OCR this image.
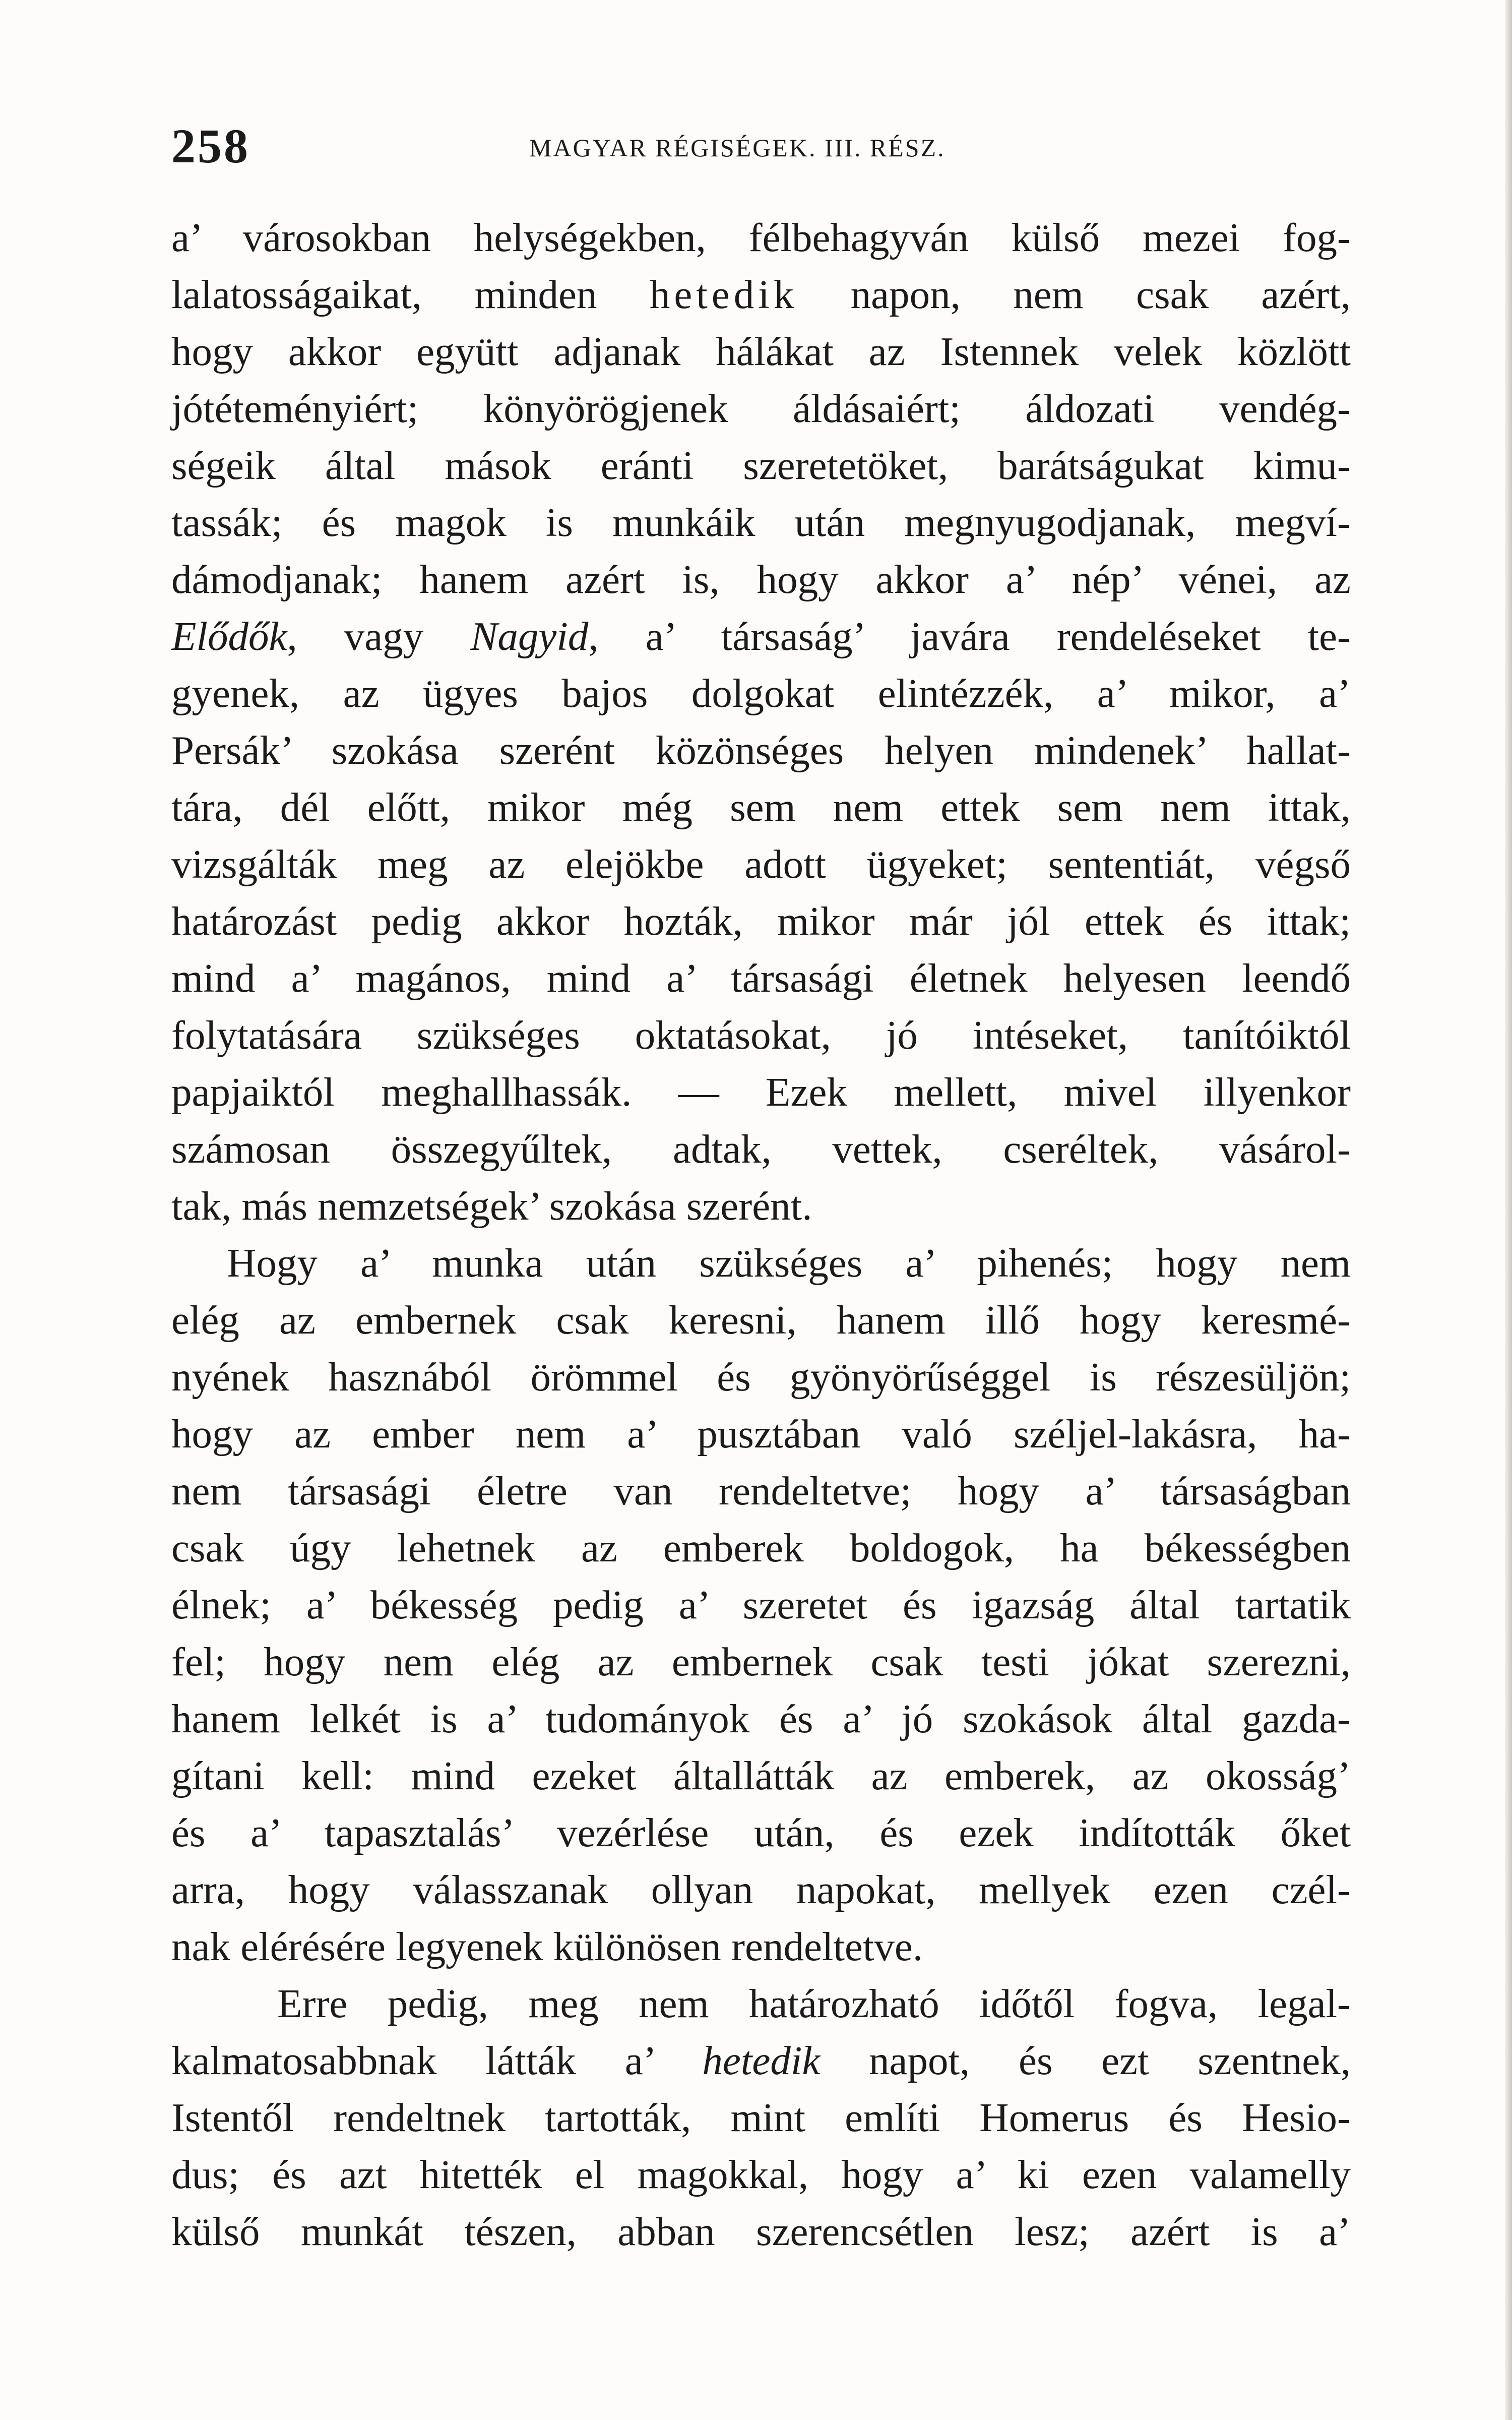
258	MAGYAR RÉGISÉGEK. III. RÉSZ.
a’ városokban helységekben, félbehagyván külső mezei fog-
lalatosságaikat, minden hetedik napon, nem csak azért,
hogy akkor együtt adjanak hálákat az Istennek velek közlött
jótéteményiért; könyörögjenek áldásaiért; áldozati vendég-
ségeik által mások eránti szeretetöket, barátságukat kimu-
tassák; és magok is munkáik után megnyugodjanak, megví-
dámodjanak; hanem azért is, hogy akkor a’ nép’ vénei, az
Elődők, vagy Nagyid, a’ társaság’ javára rendeléseket te-
gyenek, az ügyes bajos dolgokat elintézzék, a’ mikor, a’
Persák’ szokása szerént közönséges helyen mindenek’ hallat-
tára, dél előtt, mikor még sem nem ettek sem nem ittak,
vizsgálták meg az elejökbe adott ügyeket; sententiát, végső
határozást pedig akkor hozták, mikor már jól ettek és ittak;
mind a’ magános, mind a’ társasági életnek helyesen leendő
folytatására szükséges oktatásokat, jó intéseket, tanítóiktól
papjaiktól meghallhassák. — Ezek mellett, mivel illyenkor
számosan összegyűltek, adtak, vettek, cseréltek, vásárol-
tak, más nemzetségek’ szokása szerént.
Hogy a’ munka után szükséges a’ pihenés; hogy nem
elég az embernek csak keresni, hanem illő hogy keresmé-
nyének hasznából örömmel és gyönyörűséggel is részesüljön;
hogy az ember nem a’ pusztában való széljel-lakásra, ha-
nem társasági életre van rendeltetve; hogy a’ társaságban
csak úgy lehetnek az emberek boldogok, ha békességben
élnek; a’ békesség pedig a’ szeretet és igazság által tartatik
fel; hogy nem elég az embernek csak testi jókat szerezni,
hanem lelkét is a’ tudományok és a’ jó szokások által gazda-
gítani kell: mind ezeket általlátták az emberek, az okosság’
és a’ tapasztalás’ vezérlése után, és ezek indították őket
arra, hogy válasszanak ollyan napokat, mellyek ezen czél-
nak elérésére legyenek különösen rendeltetve.
Erre pedig, meg nem határozható időtől fogva, legal-
kalmatosabbnak látták a’ hetedik napot, és ezt szentnek,
Istentől rendeltnek tartották, mint említi Homerus és Hesio-
dus; és azt hitették el magokkal, hogy a’ ki ezen valamelly
külső munkát tészen, abban szerencsétlen lesz; azért is a’
